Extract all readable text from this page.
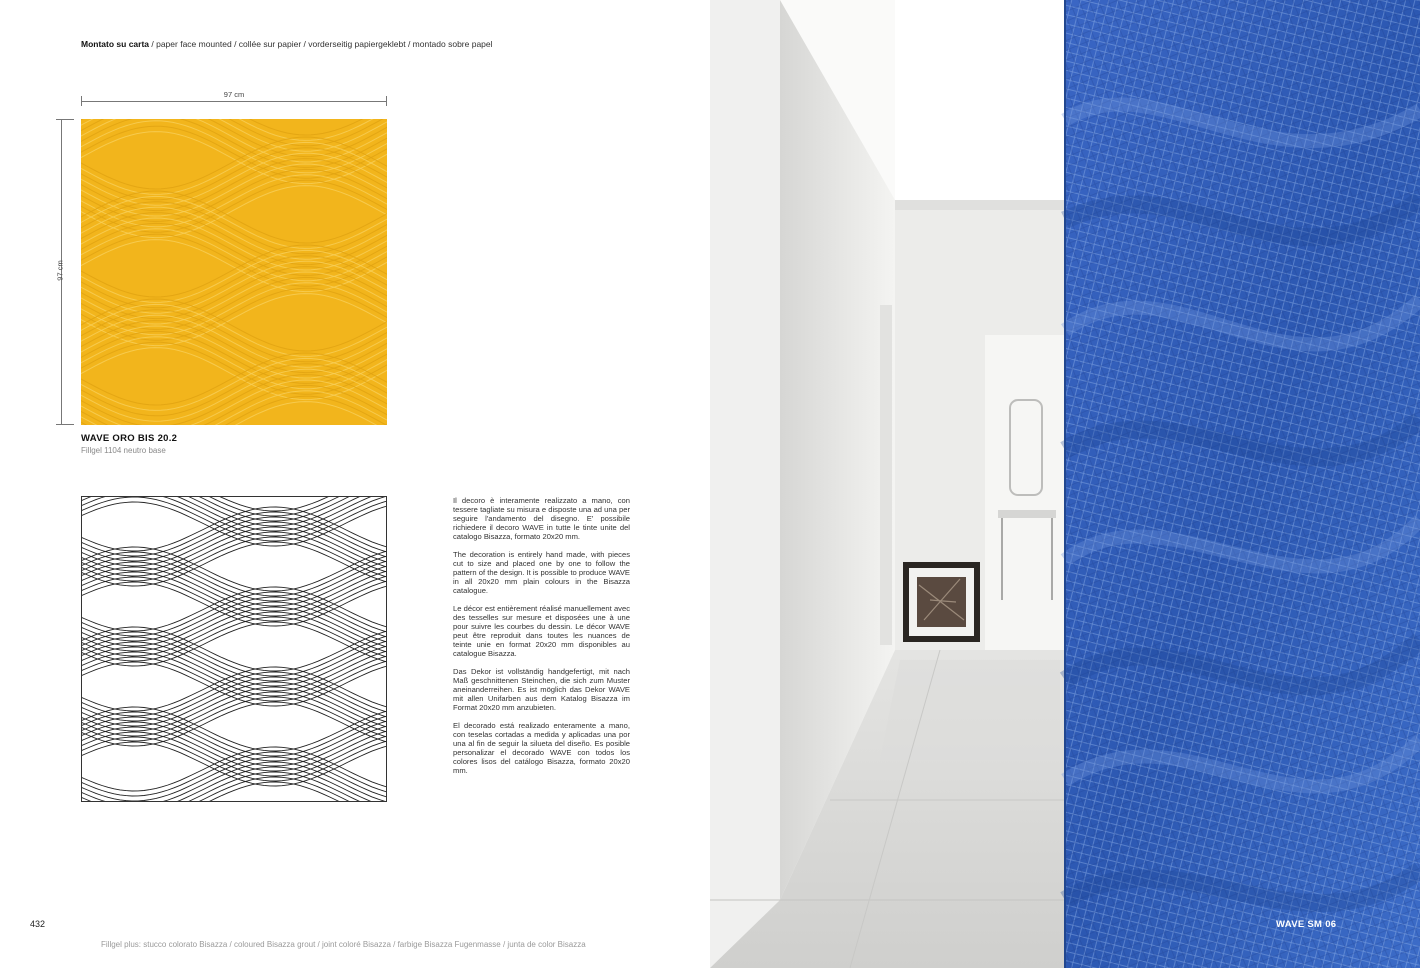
Montato su carta / paper face mounted / collée sur papier / vorderseitig papiergeklebt / montado sobre papel
97 cm
97 cm
WAVE ORO BIS 20.2
Fillgel 1104 neutro base

Il decoro è interamente realizzato a mano, con tessere tagliate su misura e disposte una ad una per seguire l'andamento del disegno. E' possibile richiedere il decoro WAVE in tutte le tinte unite del catalogo Bisazza, formato 20x20 mm.

The decoration is entirely hand made, with pieces cut to size and placed one by one to follow the pattern of the design. It is possible to produce WAVE in all 20x20 mm plain colours in the Bisazza catalogue.

Le décor est entièrement réalisé manuellement avec des tesselles sur mesure et disposées une à une pour suivre les courbes du dessin. Le décor WAVE peut être reproduit dans toutes les nuances de teinte unie en format 20x20 mm disponibles au catalogue Bisazza.

Das Dekor ist vollständig handgefertigt, mit nach Maß geschnittenen Steinchen, die sich zum Muster aneinanderreihen. Es ist möglich das Dekor WAVE mit allen Unifarben aus dem Katalog Bisazza im Format 20x20 mm anzubieten.

El decorado está realizado enteramente a mano, con teselas cortadas a medida y aplicadas una por una al fin de seguir la silueta del diseño. Es posible personalizar el decorado WAVE con todos los colores lisos del catálogo Bisazza, formato 20x20 mm.

432
Fillgel plus: stucco colorato Bisazza / coloured Bisazza grout / joint coloré Bisazza / farbige Bisazza Fugenmasse / junta de color Bisazza
WAVE SM 06
